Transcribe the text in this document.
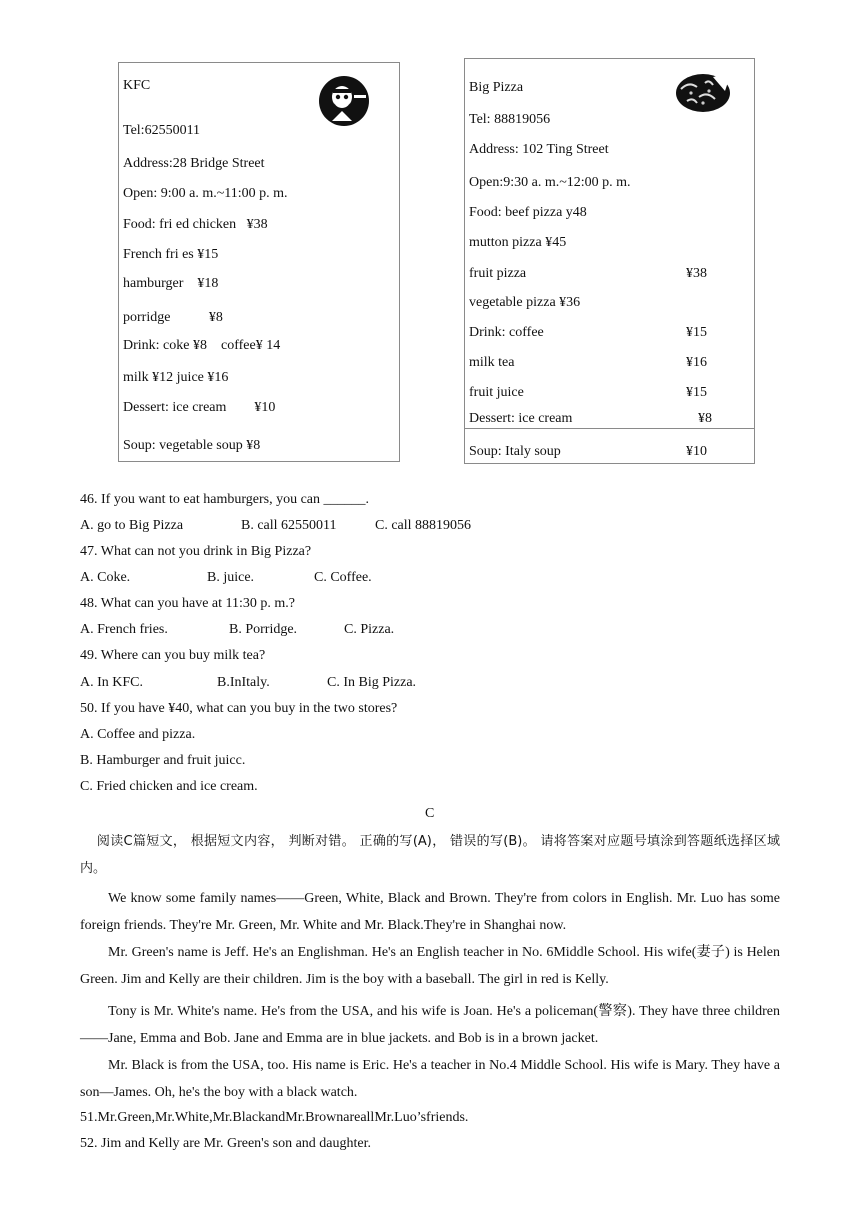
KFC
Tel:62550011
Address:28 Bridge Street
Open: 9:00 a. m.~11:00 p. m.
Food: fri ed chicken   ¥38
French fri es ¥15
hamburger    ¥18
porridge           ¥8
Drink: coke ¥8    coffee¥ 14
milk ¥12 juice ¥16
Dessert: ice cream        ¥10
Soup: vegetable soup ¥8
Big Pizza
Tel: 88819056
Address: 102 Ting Street
Open:9:30 a. m.~12:00 p. m.
Food: beef pizza y48
mutton pizza ¥45
fruit pizza	¥38
vegetable pizza ¥36
Drink: coffee	¥15
milk tea	¥16
fruit juice	¥15
Dessert: ice cream	¥8
Soup: Italy soup	¥10
46. If you want to eat hamburgers, you can ______.
A. go to Big Pizza	B. call 62550011	C. call 88819056
47. What can not you drink in Big Pizza?
A. Coke.	B. juice.	C. Coffee.
48. What can you have at 11:30 p. m.?
A. French fries.	B. Porridge.	C. Pizza.
49. Where can you buy milk tea?
A. In KFC.	B.InItaly.	C. In Big Pizza.
50. If you have ¥40, what can you buy in the two stores?
A. Coffee and pizza.
B. Hamburger and fruit juicc.
C. Fried chicken and ice cream.
C
阅读C篇短文， 根据短文内容， 判断对错。 正确的写(A)， 错误的写(B)。 请将答案对应题号填涂到答题纸选择区域内。
We know some family names——Green, White, Black and Brown. They're from colors in English. Mr. Luo has some foreign friends. They're Mr. Green, Mr. White and Mr. Black.They're in Shanghai now.
Mr. Green's name is Jeff. He's an Englishman. He's an English teacher in No. 6Middle School. His wife(妻子) is Helen Green. Jim and Kelly are their children. Jim is the boy with a baseball. The girl in red is Kelly.
Tony is Mr. White's name. He's from the USA, and his wife is Joan. He's a policeman(警察). They have three children——Jane, Emma and Bob. Jane and Emma are in blue jackets. and Bob is in a brown jacket.
Mr. Black is from the USA, too. His name is Eric. He's a teacher in No.4 Middle School. His wife is Mary. They have a son—James. Oh, he's the boy with a black watch.
51.Mr.Green,Mr.White,Mr.BlackandMr.BrownareallMr.Luo’sfriends.
52. Jim and Kelly are Mr. Green's son and daughter.
